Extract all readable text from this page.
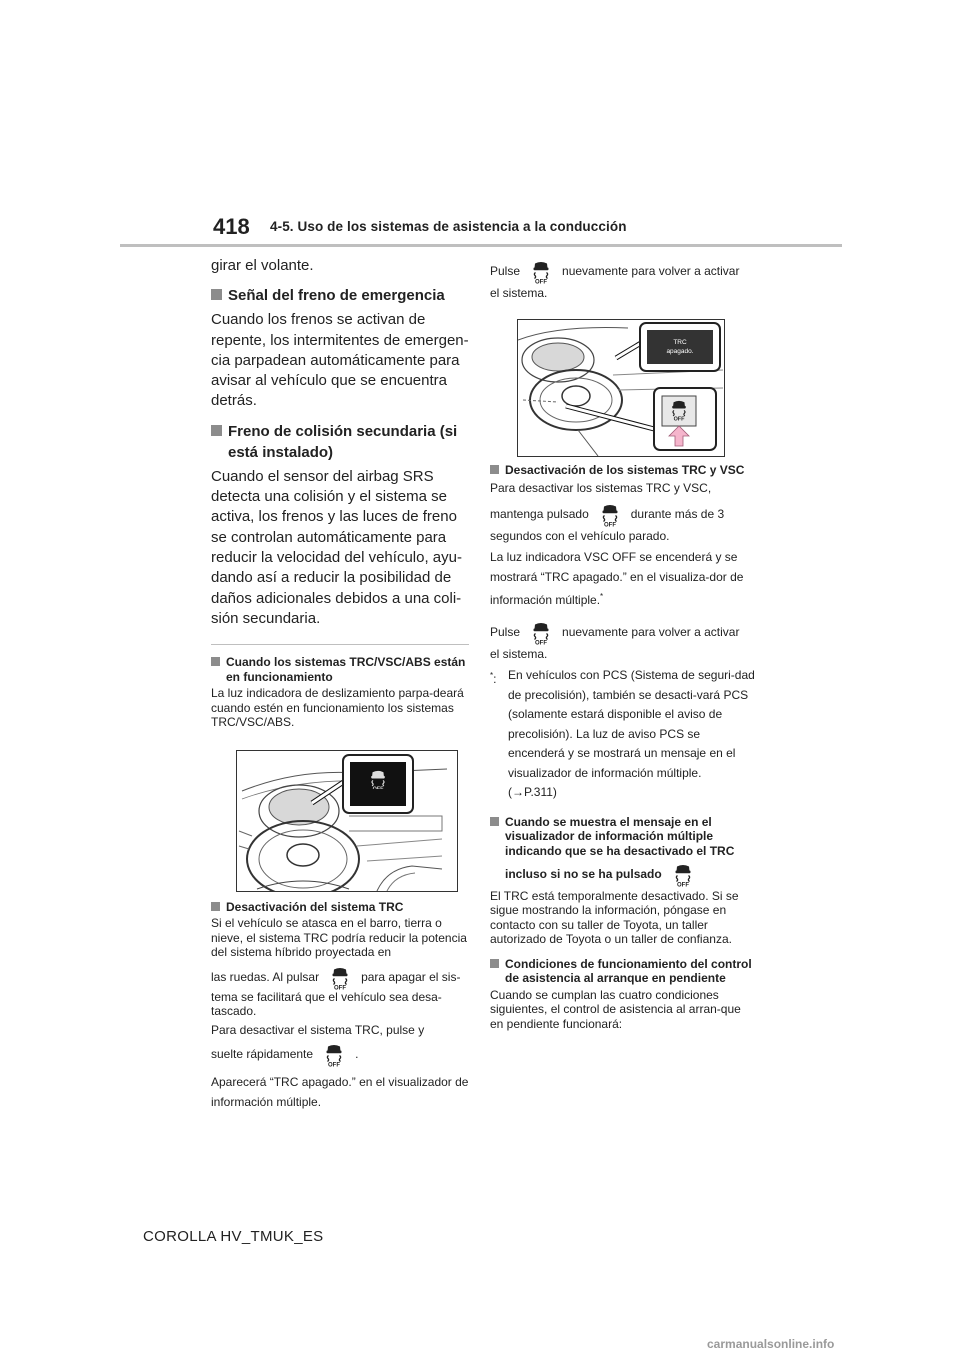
418 4-5. Uso de los sistemas de asistencia a la conducción

girar el volante.

Señal del freno de emergencia

Cuando los frenos se activan de repente, los intermitentes de emergen-cia parpadean automáticamente para avisar al vehículo que se encuentra detrás.

Freno de colisión secundaria (si está instalado)

Cuando el sensor del airbag SRS detecta una colisión y el sistema se activa, los frenos y las luces de freno se controlan automáticamente para reducir la velocidad del vehículo, ayu-dando así a reducir la posibilidad de daños adicionales debidos a una coli-sión secundaria.

Cuando los sistemas TRC/VSC/ABS están en funcionamiento

La luz indicadora de deslizamiento parpa-deará cuando estén en funcionamiento los sistemas TRC/VSC/ABS.

Desactivación del sistema TRC

Si el vehículo se atasca en el barro, tierra o nieve, el sistema TRC podría reducir la potencia del sistema híbrido proyectada en

las ruedas. Al pulsar	para apagar el sis-

tema se facilitará que el vehículo sea desa-tascado.

Para desactivar el sistema TRC, pulse y

suelte rápidamente	.

Aparecerá “TRC apagado.” en el visualizador de información múltiple.

Pulse	nuevamente para volver a activar

el sistema.

TRC
apagado.
Desactivación de los sistemas TRC y VSC

Para desactivar los sistemas TRC y VSC,

mantenga pulsado	durante más de 3

segundos con el vehículo parado.

La luz indicadora VSC OFF se encenderá y se mostrará “TRC apagado.” en el visualiza-dor de información múltiple.*

Pulse	nuevamente para volver a activar

el sistema.

*: En vehículos con PCS (Sistema de seguri-dad de precolisión), también se desacti-vará PCS (solamente estará disponible el aviso de precolisión). La luz de aviso PCS se encenderá y se mostrará un mensaje en el visualizador de información múltiple.
(→P.311)
Cuando se muestra el mensaje en el visualizador de información múltiple indicando que se ha desactivado el TRC
incluso si no se ha pulsado

El TRC está temporalmente desactivado. Si se sigue mostrando la información, póngase en contacto con su taller de Toyota, un taller autorizado de Toyota o un taller de confianza.

Condiciones de funcionamiento del control de asistencia al arranque en pendiente

Cuando se cumplan las cuatro condiciones siguientes, el control de asistencia al arran-que en pendiente funcionará:

COROLLA HV_TMUK_ES
carmanualsonline.info
